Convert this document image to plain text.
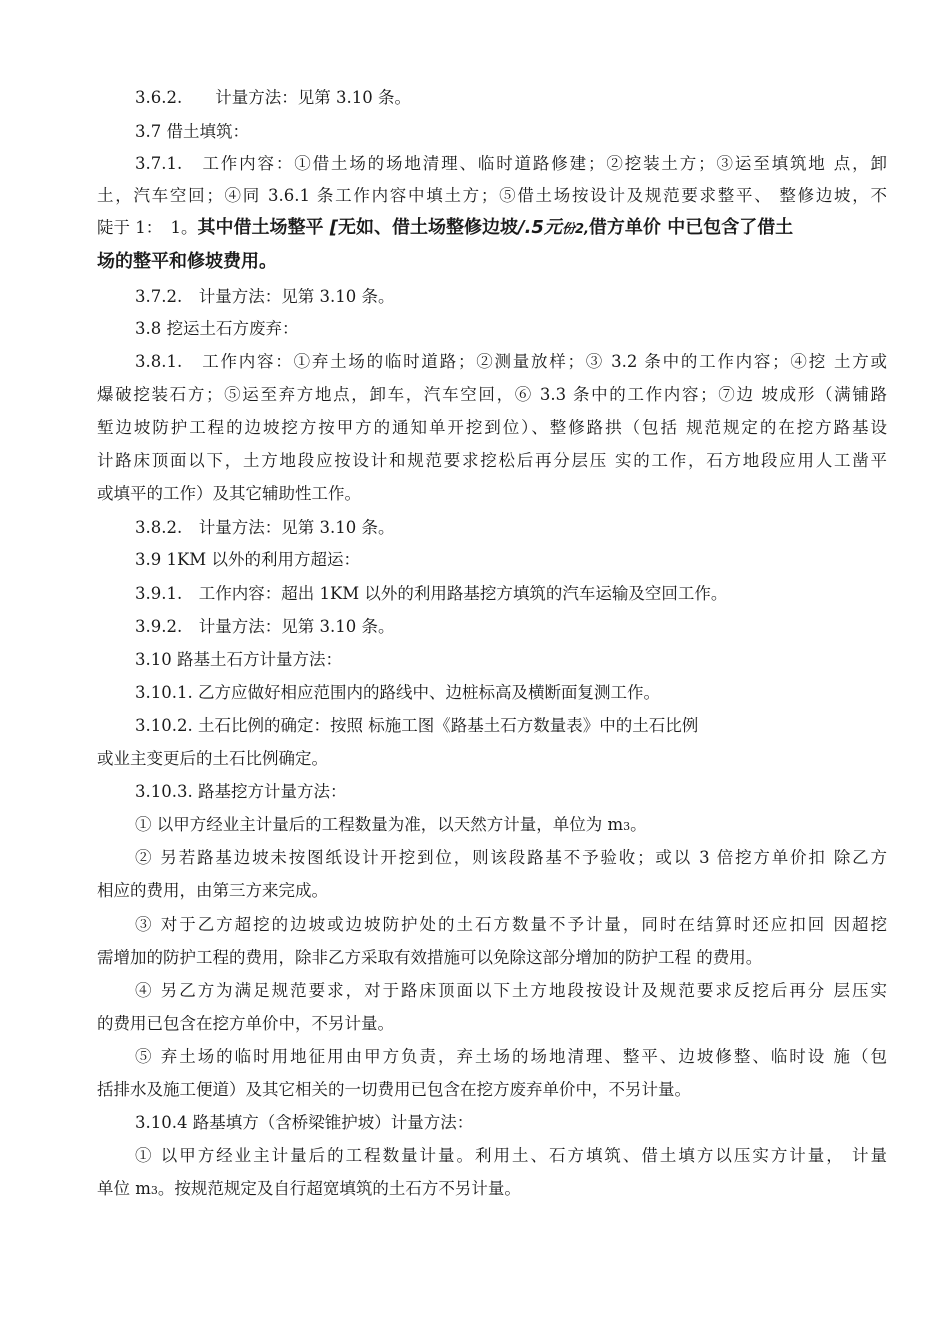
3.6.2.　　计量方法：见第 3.10 条。
3.7 借土填筑：
3.7.1.　工作内容：①借土场的场地清理、临时道路修建；②挖装土方；③运至填筑地 点，卸
土，汽车空回；④同 3.6.1 条工作内容中填土方；⑤借土场按设计及规范要求整平、 整修边坡，不
陡于 1：　1。其中借土场整平 [无如、借土场整修边坡/.5元份2,借方单价 中已包含了借土
场的整平和修坡费用。
3.7.2.　计量方法：见第 3.10 条。
3.8 挖运土石方废弃：
3.8.1.　工作内容：①弃土场的临时道路；②测量放样；③ 3.2 条中的工作内容；④挖 土方或
爆破挖装石方；⑤运至弃方地点，卸车，汽车空回，⑥ 3.3 条中的工作内容；⑦边 坡成形（满铺路
堑边坡防护工程的边坡挖方按甲方的通知单开挖到位）、整修路拱（包括 规范规定的在挖方路基设
计路床顶面以下，土方地段应按设计和规范要求挖松后再分层压 实的工作，石方地段应用人工凿平
或填平的工作）及其它辅助性工作。
3.8.2.　计量方法：见第 3.10 条。
3.9 1KM 以外的利用方超运：
3.9.1.　工作内容：超出 1KM 以外的利用路基挖方填筑的汽车运输及空回工作。
3.9.2.　计量方法：见第 3.10 条。
3.10 路基土石方计量方法：
3.10.1. 乙方应做好相应范围内的路线中、边桩标高及横断面复测工作。
3.10.2. 土石比例的确定：按照 标施工图《路基土石方数量表》中的土石比例
或业主变更后的土石比例确定。
3.10.3. 路基挖方计量方法：
① 以甲方经业主计量后的工程数量为准，以天然方计量，单位为 m3。
② 另若路基边坡未按图纸设计开挖到位，则该段路基不予验收；或以 3 倍挖方单价扣 除乙方
相应的费用，由第三方来完成。
③ 对于乙方超挖的边坡或边坡防护处的土石方数量不予计量，同时在结算时还应扣回 因超挖
需增加的防护工程的费用，除非乙方采取有效措施可以免除这部分增加的防护工程 的费用。
④ 另乙方为满足规范要求，对于路床顶面以下土方地段按设计及规范要求反挖后再分 层压实
的费用已包含在挖方单价中，不另计量。
⑤ 弃土场的临时用地征用由甲方负责，弃土场的场地清理、整平、边坡修整、临时设 施（包
括排水及施工便道）及其它相关的一切费用已包含在挖方废弃单价中，不另计量。
3.10.4 路基填方（含桥梁锥护坡）计量方法：
① 以甲方经业主计量后的工程数量计量。利用土、石方填筑、借土填方以压实方计量， 计量
单位 m3。按规范规定及自行超宽填筑的土石方不另计量。
